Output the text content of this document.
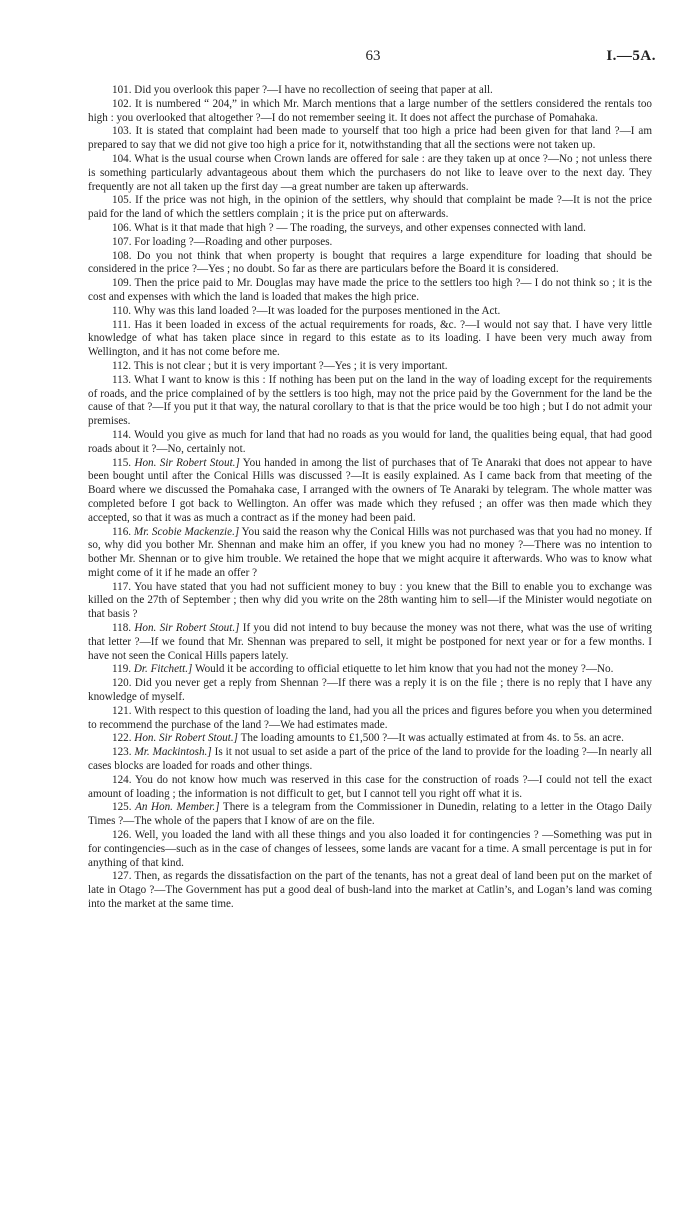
63	I.—5A.

101. Did you overlook this paper ?—I have no recollection of seeing that paper at all.

102. It is numbered “ 204,” in which Mr. March mentions that a large number of the settlers considered the rentals too high : you overlooked that altogether ?—I do not remember seeing it. It does not affect the purchase of Pomahaka.

103. It is stated that complaint had been made to yourself that too high a price had been given for that land ?—I am prepared to say that we did not give too high a price for it, notwithstanding that all the sections were not taken up.

104. What is the usual course when Crown lands are offered for sale : are they taken up at once ?—No ; not unless there is something particularly advantageous about them which the purchasers do not like to leave over to the next day. They frequently are not all taken up the first day —a great number are taken up afterwards.

105. If the price was not high, in the opinion of the settlers, why should that complaint be made ?—It is not the price paid for the land of which the settlers complain ; it is the price put on afterwards.

106. What is it that made that high ? — The roading, the surveys, and other expenses connected with land.

107. For loading ?—Roading and other purposes.

108. Do you not think that when property is bought that requires a large expenditure for loading that should be considered in the price ?—Yes ; no doubt. So far as there are particulars before the Board it is considered.

109. Then the price paid to Mr. Douglas may have made the price to the settlers too high ?— I do not think so ; it is the cost and expenses with which the land is loaded that makes the high price.

110. Why was this land loaded ?—It was loaded for the purposes mentioned in the Act.

111. Has it been loaded in excess of the actual requirements for roads, &c. ?—I would not say that. I have very little knowledge of what has taken place since in regard to this estate as to its loading. I have been very much away from Wellington, and it has not come before me.

112. This is not clear ; but it is very important ?—Yes ; it is very important.

113. What I want to know is this : If nothing has been put on the land in the way of loading except for the requirements of roads, and the price complained of by the settlers is too high, may not the price paid by the Government for the land be the cause of that ?—If you put it that way, the natural corollary to that is that the price would be too high ; but I do not admit your premises.

114. Would you give as much for land that had no roads as you would for land, the qualities being equal, that had good roads about it ?—No, certainly not.

115. Hon. Sir Robert Stout.] You handed in among the list of purchases that of Te Anaraki that does not appear to have been bought until after the Conical Hills was discussed ?—It is easily explained. As I came back from that meeting of the Board where we discussed the Pomahaka case, I arranged with the owners of Te Anaraki by telegram. The whole matter was completed before I got back to Wellington. An offer was made which they refused ; an offer was then made which they accepted, so that it was as much a contract as if the money had been paid.

116. Mr. Scobie Mackenzie.] You said the reason why the Conical Hills was not purchased was that you had no money. If so, why did you bother Mr. Shennan and make him an offer, if you knew you had no money ?—There was no intention to bother Mr. Shennan or to give him trouble. We retained the hope that we might acquire it afterwards. Who was to know what might come of it if he made an offer ?

117. You have stated that you had not sufficient money to buy : you knew that the Bill to enable you to exchange was killed on the 27th of September ; then why did you write on the 28th wanting him to sell—if the Minister would negotiate on that basis ?

118. Hon. Sir Robert Stout.] If you did not intend to buy because the money was not there, what was the use of writing that letter ?—If we found that Mr. Shennan was prepared to sell, it might be postponed for next year or for a few months. I have not seen the Conical Hills papers lately.

119. Dr. Fitchett.] Would it be according to official etiquette to let him know that you had not the money ?—No.

120. Did you never get a reply from Shennan ?—If there was a reply it is on the file ; there is no reply that I have any knowledge of myself.

121. With respect to this question of loading the land, had you all the prices and figures before you when you determined to recommend the purchase of the land ?—We had estimates made.

122. Hon. Sir Robert Stout.] The loading amounts to £1,500 ?—It was actually estimated at from 4s. to 5s. an acre.

123. Mr. Mackintosh.] Is it not usual to set aside a part of the price of the land to provide for the loading ?—In nearly all cases blocks are loaded for roads and other things.

124. You do not know how much was reserved in this case for the construction of roads ?—I could not tell the exact amount of loading ; the information is not difficult to get, but I cannot tell you right off what it is.

125. An Hon. Member.] There is a telegram from the Commissioner in Dunedin, relating to a letter in the Otago Daily Times ?—The whole of the papers that I know of are on the file.

126. Well, you loaded the land with all these things and you also loaded it for contingencies ? —Something was put in for contingencies—such as in the case of changes of lessees, some lands are vacant for a time. A small percentage is put in for anything of that kind.

127. Then, as regards the dissatisfaction on the part of the tenants, has not a great deal of land been put on the market of late in Otago ?—The Government has put a good deal of bush-land into the market at Catlin’s, and Logan’s land was coming into the market at the same time.
